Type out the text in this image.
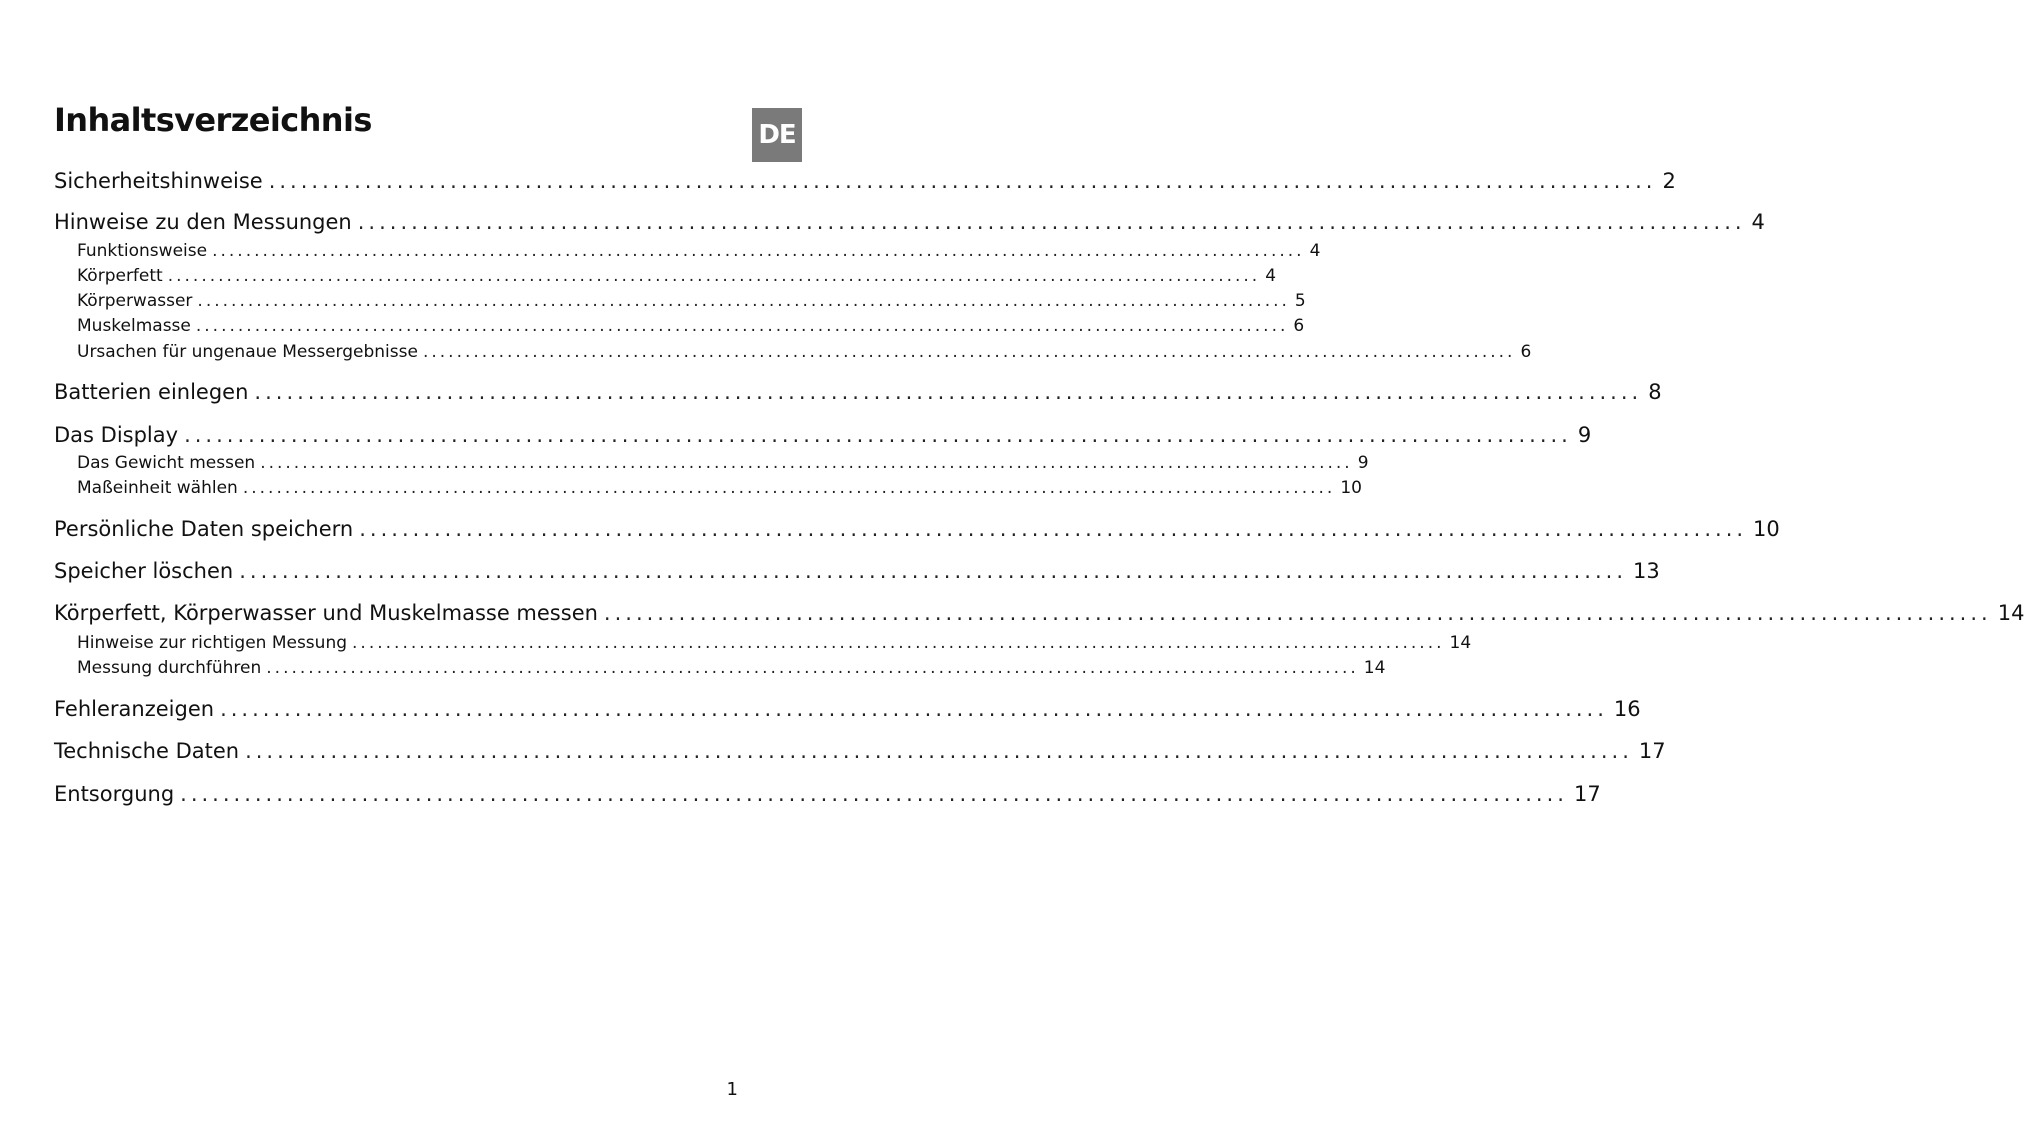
Inhaltsverzeichnis	DE
Sicherheitshinweise .................................................................................................................................. 2
Hinweise zu den Messungen .................................................................................................................................. 4
Funktionsweise .................................................................................................................................. 4
Körperfett .................................................................................................................................. 4
Körperwasser .................................................................................................................................. 5
Muskelmasse .................................................................................................................................. 6
Ursachen für ungenaue Messergebnisse .................................................................................................................................. 6
Batterien einlegen .................................................................................................................................. 8
Das Display .................................................................................................................................. 9
Das Gewicht messen .................................................................................................................................. 9
Maßeinheit wählen .................................................................................................................................. 10
Persönliche Daten speichern .................................................................................................................................. 10
Speicher löschen .................................................................................................................................. 13
Körperfett, Körperwasser und Muskelmasse messen .................................................................................................................................. 14
Hinweise zur richtigen Messung .................................................................................................................................. 14
Messung durchführen .................................................................................................................................. 14
Fehleranzeigen .................................................................................................................................. 16
Technische Daten .................................................................................................................................. 17
Entsorgung .................................................................................................................................. 17
1
